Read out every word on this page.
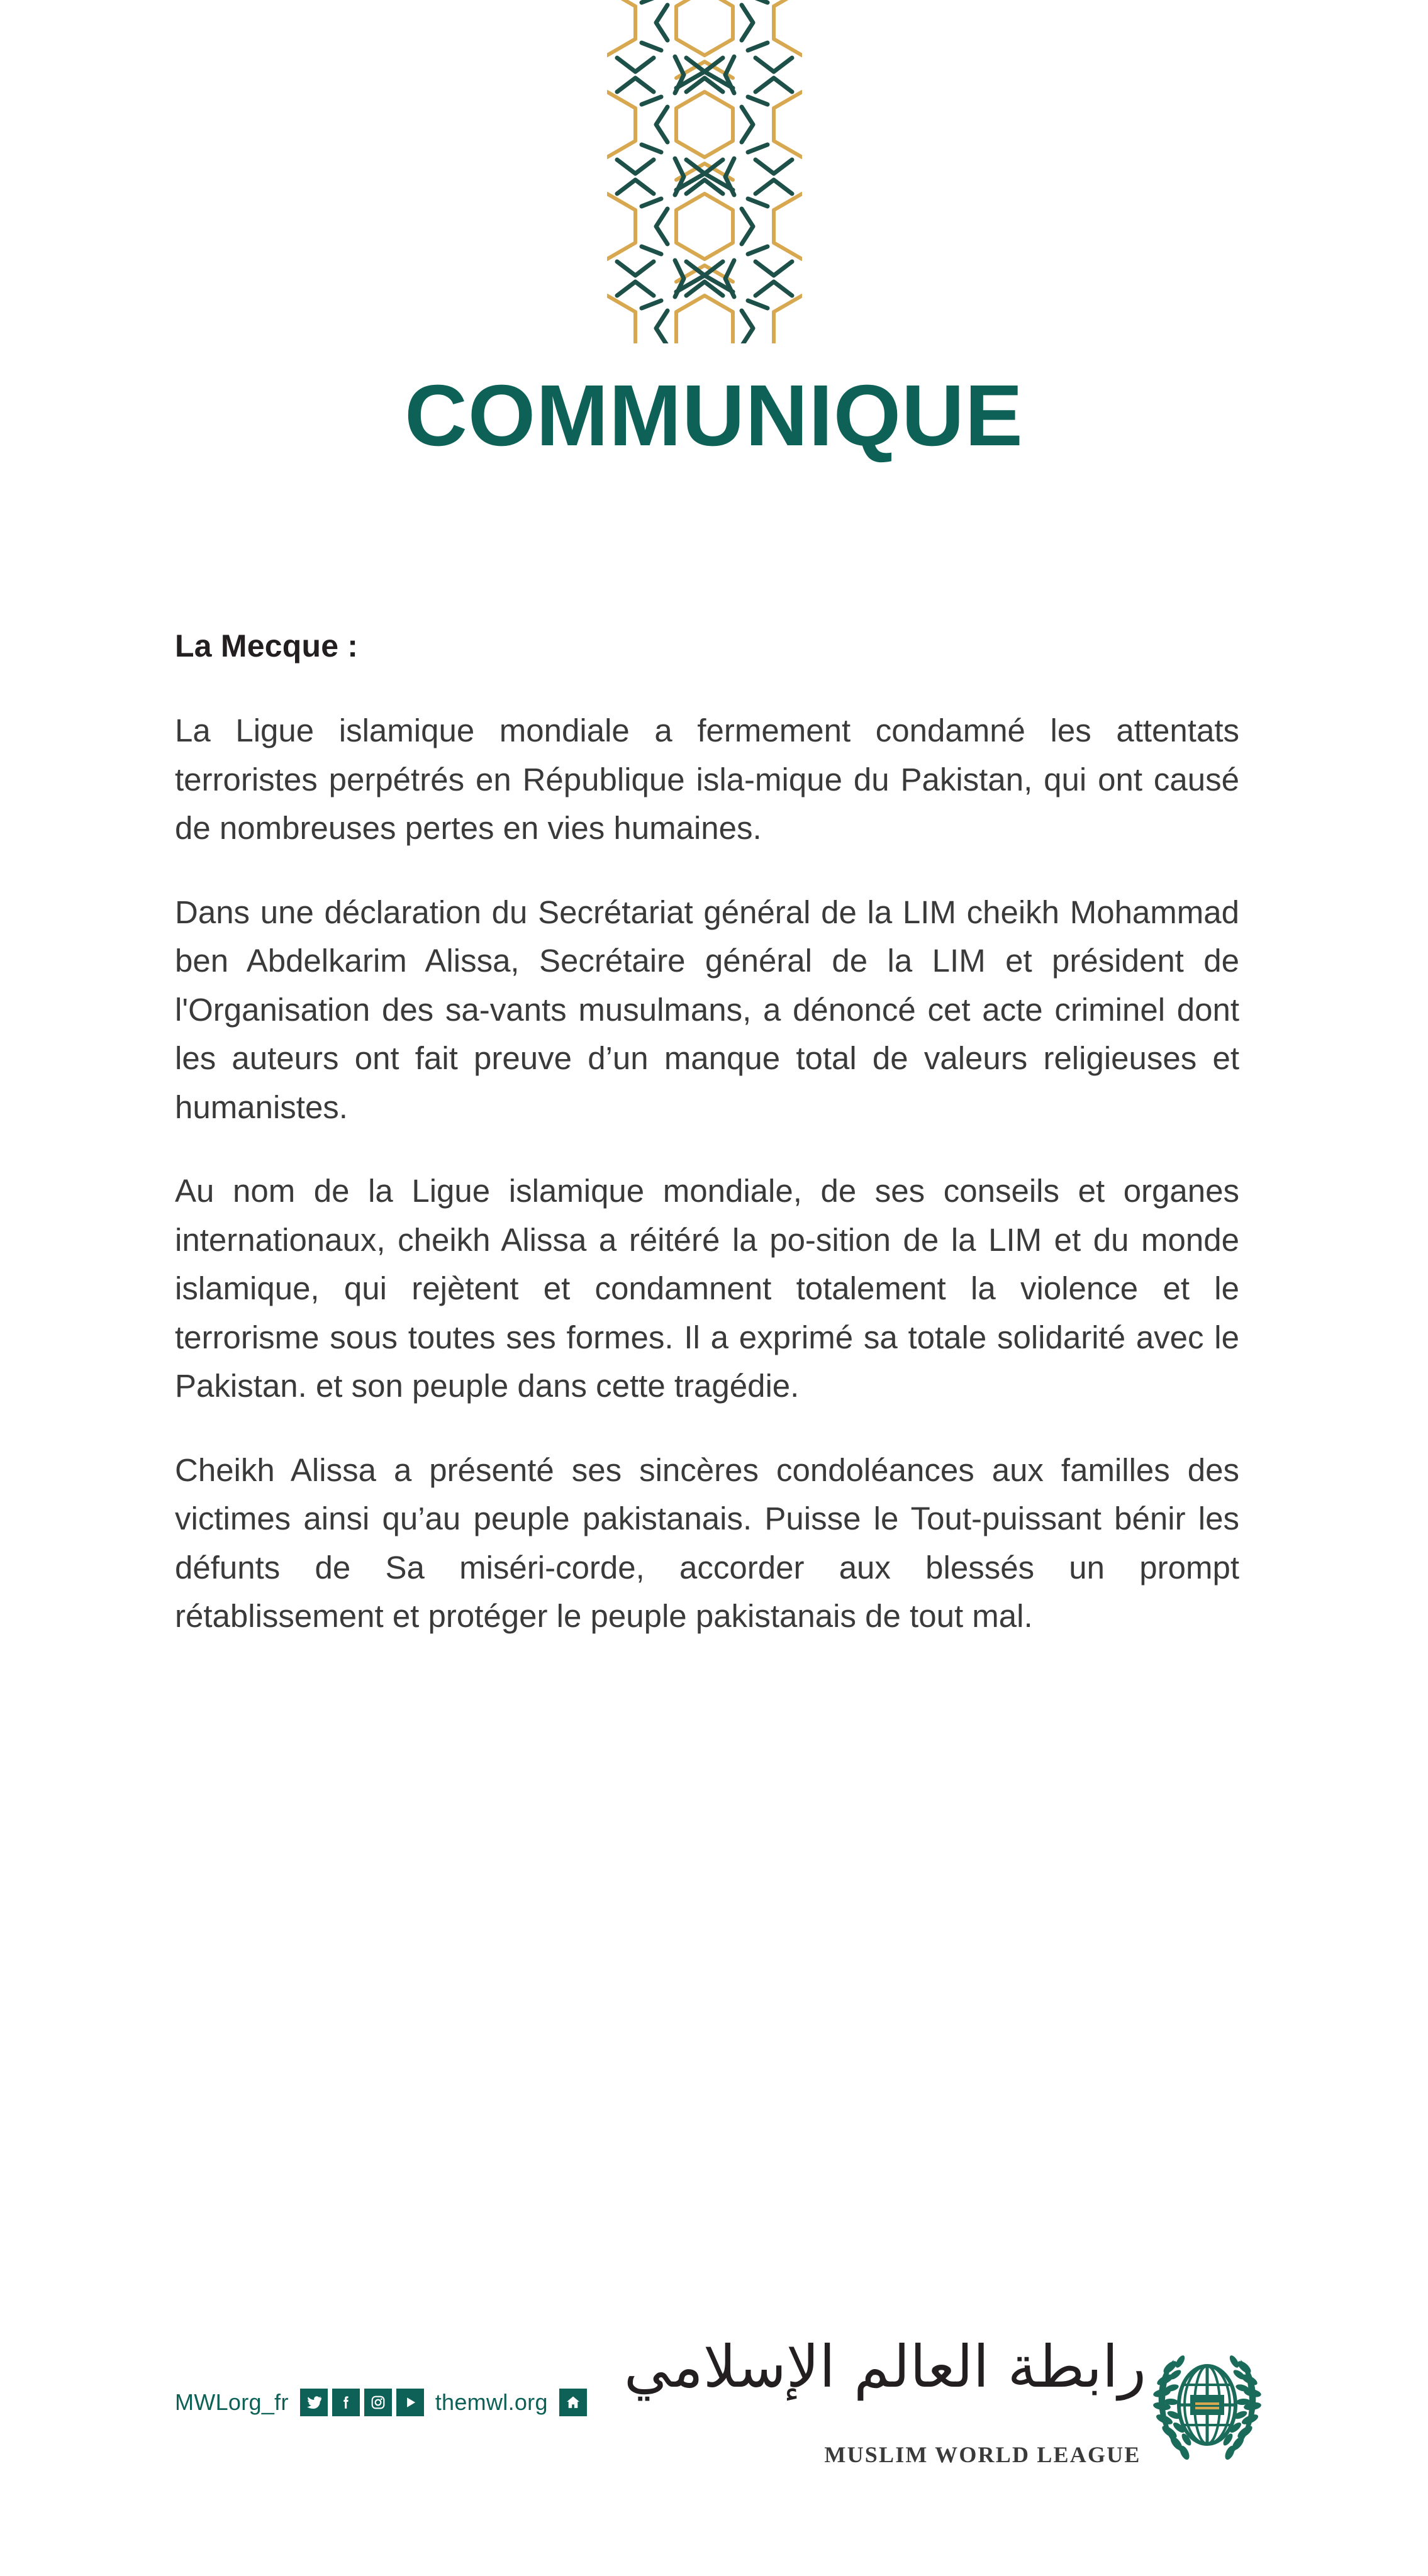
COMMUNIQUE
La Mecque :

La Ligue islamique mondiale a fermement condamné les attentats terroristes perpétrés en République isla-mique du Pakistan, qui ont causé de nombreuses pertes en vies humaines.

Dans une déclaration du Secrétariat général de la LIM cheikh Mohammad ben Abdelkarim Alissa, Secrétaire général de la LIM et président de l'Organisation des sa-vants musulmans, a dénoncé cet acte criminel dont les auteurs ont fait preuve d’un manque total de valeurs religieuses et humanistes.

Au nom de la Ligue islamique mondiale, de ses conseils et organes internationaux, cheikh Alissa a réitéré la po-sition de la LIM et du monde islamique, qui rejètent et condamnent totalement la violence et le terrorisme sous toutes ses formes. Il a exprimé sa totale solidarité avec le Pakistan. et son peuple dans cette tragédie.

Cheikh Alissa a présenté ses sincères condoléances aux familles des victimes ainsi qu’au peuple pakistanais. Puisse le Tout-puissant bénir les défunts de Sa miséri-corde, accorder aux blessés un prompt rétablissement et protéger le peuple pakistanais de tout mal.

MWLorg_fr	themwl.org
رابطة العالم الإسلامي
MUSLIM WORLD LEAGUE
